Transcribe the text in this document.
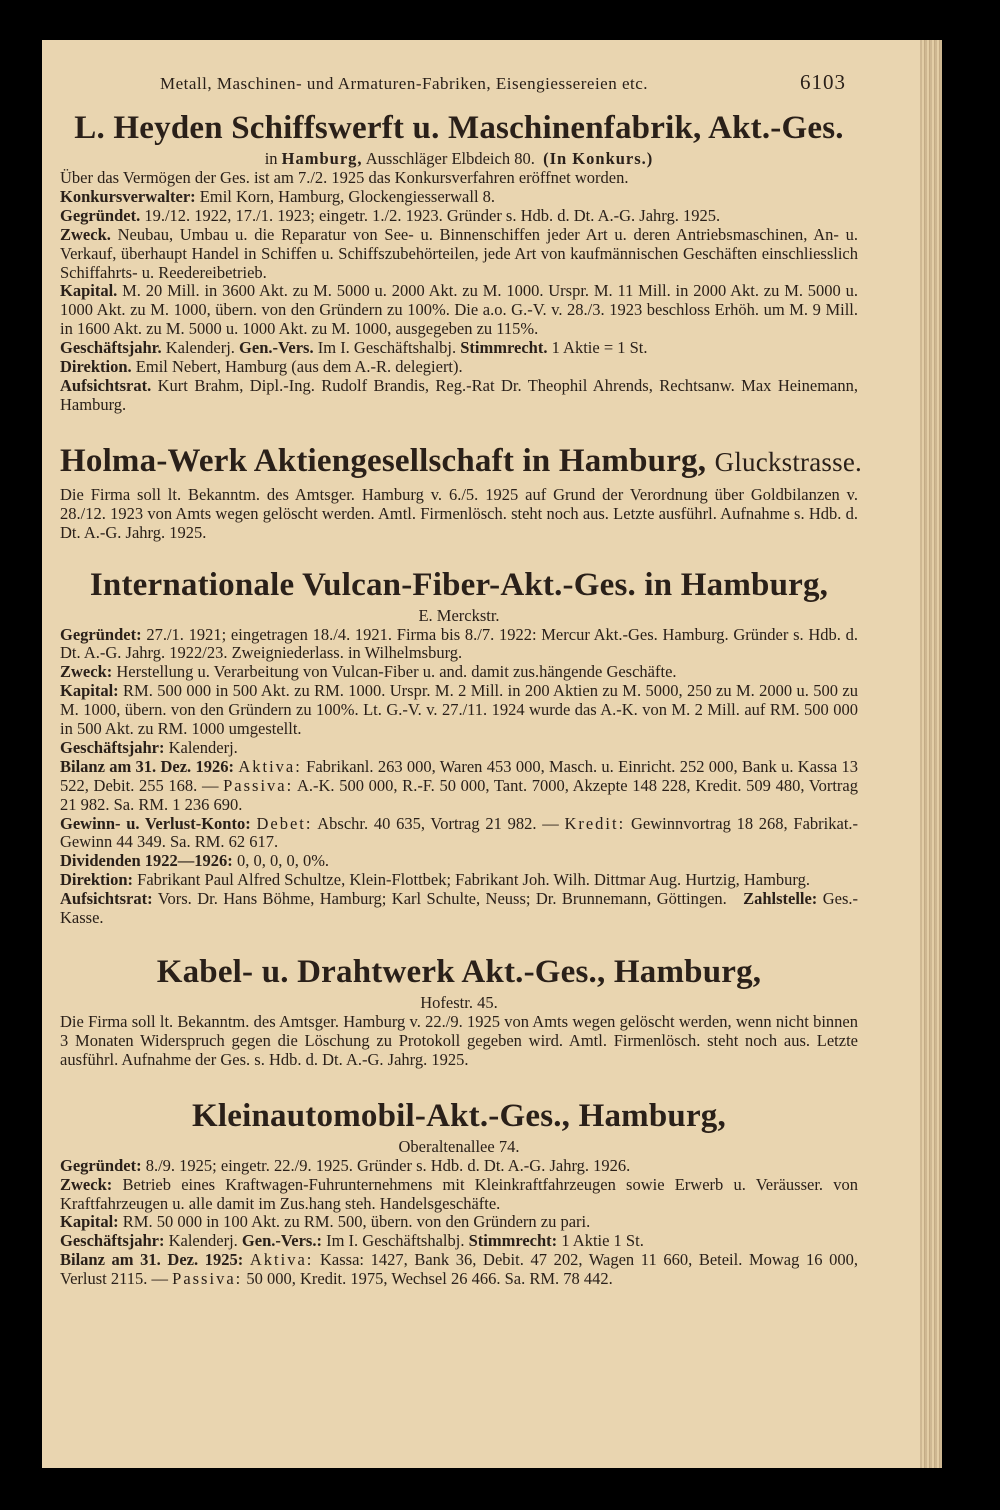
Metall, Maschinen- und Armaturen-Fabriken, Eisengiessereien etc.	6103
L. Heyden Schiffswerft u. Maschinenfabrik, Akt.-Ges.
in Hamburg, Ausschläger Elbdeich 80. (In Konkurs.)

Über das Vermögen der Ges. ist am 7./2. 1925 das Konkursverfahren eröffnet worden.

Konkursverwalter: Emil Korn, Hamburg, Glockengiesserwall 8.

Gegründet. 19./12. 1922, 17./1. 1923; eingetr. 1./2. 1923. Gründer s. Hdb. d. Dt. A.-G. Jahrg. 1925.

Zweck. Neubau, Umbau u. die Reparatur von See- u. Binnenschiffen jeder Art u. deren Antriebsmaschinen, An- u. Verkauf, überhaupt Handel in Schiffen u. Schiffszubehörteilen, jede Art von kaufmännischen Geschäften einschliesslich Schiffahrts- u. Reedereibetrieb.

Kapital. M. 20 Mill. in 3600 Akt. zu M. 5000 u. 2000 Akt. zu M. 1000. Urspr. M. 11 Mill. in 2000 Akt. zu M. 5000 u. 1000 Akt. zu M. 1000, übern. von den Gründern zu 100%. Die a.o. G.-V. v. 28./3. 1923 beschloss Erhöh. um M. 9 Mill. in 1600 Akt. zu M. 5000 u. 1000 Akt. zu M. 1000, ausgegeben zu 115%.

Geschäftsjahr. Kalenderj. Gen.-Vers. Im I. Geschäftshalbj. Stimmrecht. 1 Aktie = 1 St.

Direktion. Emil Nebert, Hamburg (aus dem A.-R. delegiert).

Aufsichtsrat. Kurt Brahm, Dipl.-Ing. Rudolf Brandis, Reg.-Rat Dr. Theophil Ahrends, Rechtsanw. Max Heinemann, Hamburg.

Holma-Werk Aktiengesellschaft in Hamburg, Gluckstrasse.

Die Firma soll lt. Bekanntm. des Amtsger. Hamburg v. 6./5. 1925 auf Grund der Verordnung über Goldbilanzen v. 28./12. 1923 von Amts wegen gelöscht werden. Amtl. Firmenlösch. steht noch aus. Letzte ausführl. Aufnahme s. Hdb. d. Dt. A.-G. Jahrg. 1925.

Internationale Vulcan-Fiber-Akt.-Ges. in Hamburg,
E. Merckstr.

Gegründet: 27./1. 1921; eingetragen 18./4. 1921. Firma bis 8./7. 1922: Mercur Akt.-Ges. Hamburg. Gründer s. Hdb. d. Dt. A.-G. Jahrg. 1922/23. Zweigniederlass. in Wilhelmsburg.

Zweck: Herstellung u. Verarbeitung von Vulcan-Fiber u. and. damit zus.hängende Geschäfte.

Kapital: RM. 500 000 in 500 Akt. zu RM. 1000. Urspr. M. 2 Mill. in 200 Aktien zu M. 5000, 250 zu M. 2000 u. 500 zu M. 1000, übern. von den Gründern zu 100%. Lt. G.-V. v. 27./11. 1924 wurde das A.-K. von M. 2 Mill. auf RM. 500 000 in 500 Akt. zu RM. 1000 umgestellt.

Geschäftsjahr: Kalenderj.

Bilanz am 31. Dez. 1926: Aktiva: Fabrikanl. 263 000, Waren 453 000, Masch. u. Einricht. 252 000, Bank u. Kassa 13 522, Debit. 255 168. — Passiva: A.-K. 500 000, R.-F. 50 000, Tant. 7000, Akzepte 148 228, Kredit. 509 480, Vortrag 21 982. Sa. RM. 1 236 690.

Gewinn- u. Verlust-Konto: Debet: Abschr. 40 635, Vortrag 21 982. — Kredit: Gewinnvortrag 18 268, Fabrikat.-Gewinn 44 349. Sa. RM. 62 617.

Dividenden 1922—1926: 0, 0, 0, 0, 0%.

Direktion: Fabrikant Paul Alfred Schultze, Klein-Flottbek; Fabrikant Joh. Wilh. Dittmar Aug. Hurtzig, Hamburg.

Aufsichtsrat: Vors. Dr. Hans Böhme, Hamburg; Karl Schulte, Neuss; Dr. Brunnemann, Göttingen. Zahlstelle: Ges.-Kasse.

Kabel- u. Drahtwerk Akt.-Ges., Hamburg,
Hofestr. 45.

Die Firma soll lt. Bekanntm. des Amtsger. Hamburg v. 22./9. 1925 von Amts wegen gelöscht werden, wenn nicht binnen 3 Monaten Widerspruch gegen die Löschung zu Protokoll gegeben wird. Amtl. Firmenlösch. steht noch aus. Letzte ausführl. Aufnahme der Ges. s. Hdb. d. Dt. A.-G. Jahrg. 1925.

Kleinautomobil-Akt.-Ges., Hamburg,
Oberaltenallee 74.

Gegründet: 8./9. 1925; eingetr. 22./9. 1925. Gründer s. Hdb. d. Dt. A.-G. Jahrg. 1926.

Zweck: Betrieb eines Kraftwagen-Fuhrunternehmens mit Kleinkraftfahrzeugen sowie Erwerb u. Veräusser. von Kraftfahrzeugen u. alle damit im Zus.hang steh. Handelsgeschäfte.

Kapital: RM. 50 000 in 100 Akt. zu RM. 500, übern. von den Gründern zu pari.

Geschäftsjahr: Kalenderj. Gen.-Vers.: Im I. Geschäftshalbj. Stimmrecht: 1 Aktie 1 St.

Bilanz am 31. Dez. 1925: Aktiva: Kassa: 1427, Bank 36, Debit. 47 202, Wagen 11 660, Beteil. Mowag 16 000, Verlust 2115. — Passiva: 50 000, Kredit. 1975, Wechsel 26 466. Sa. RM. 78 442.
